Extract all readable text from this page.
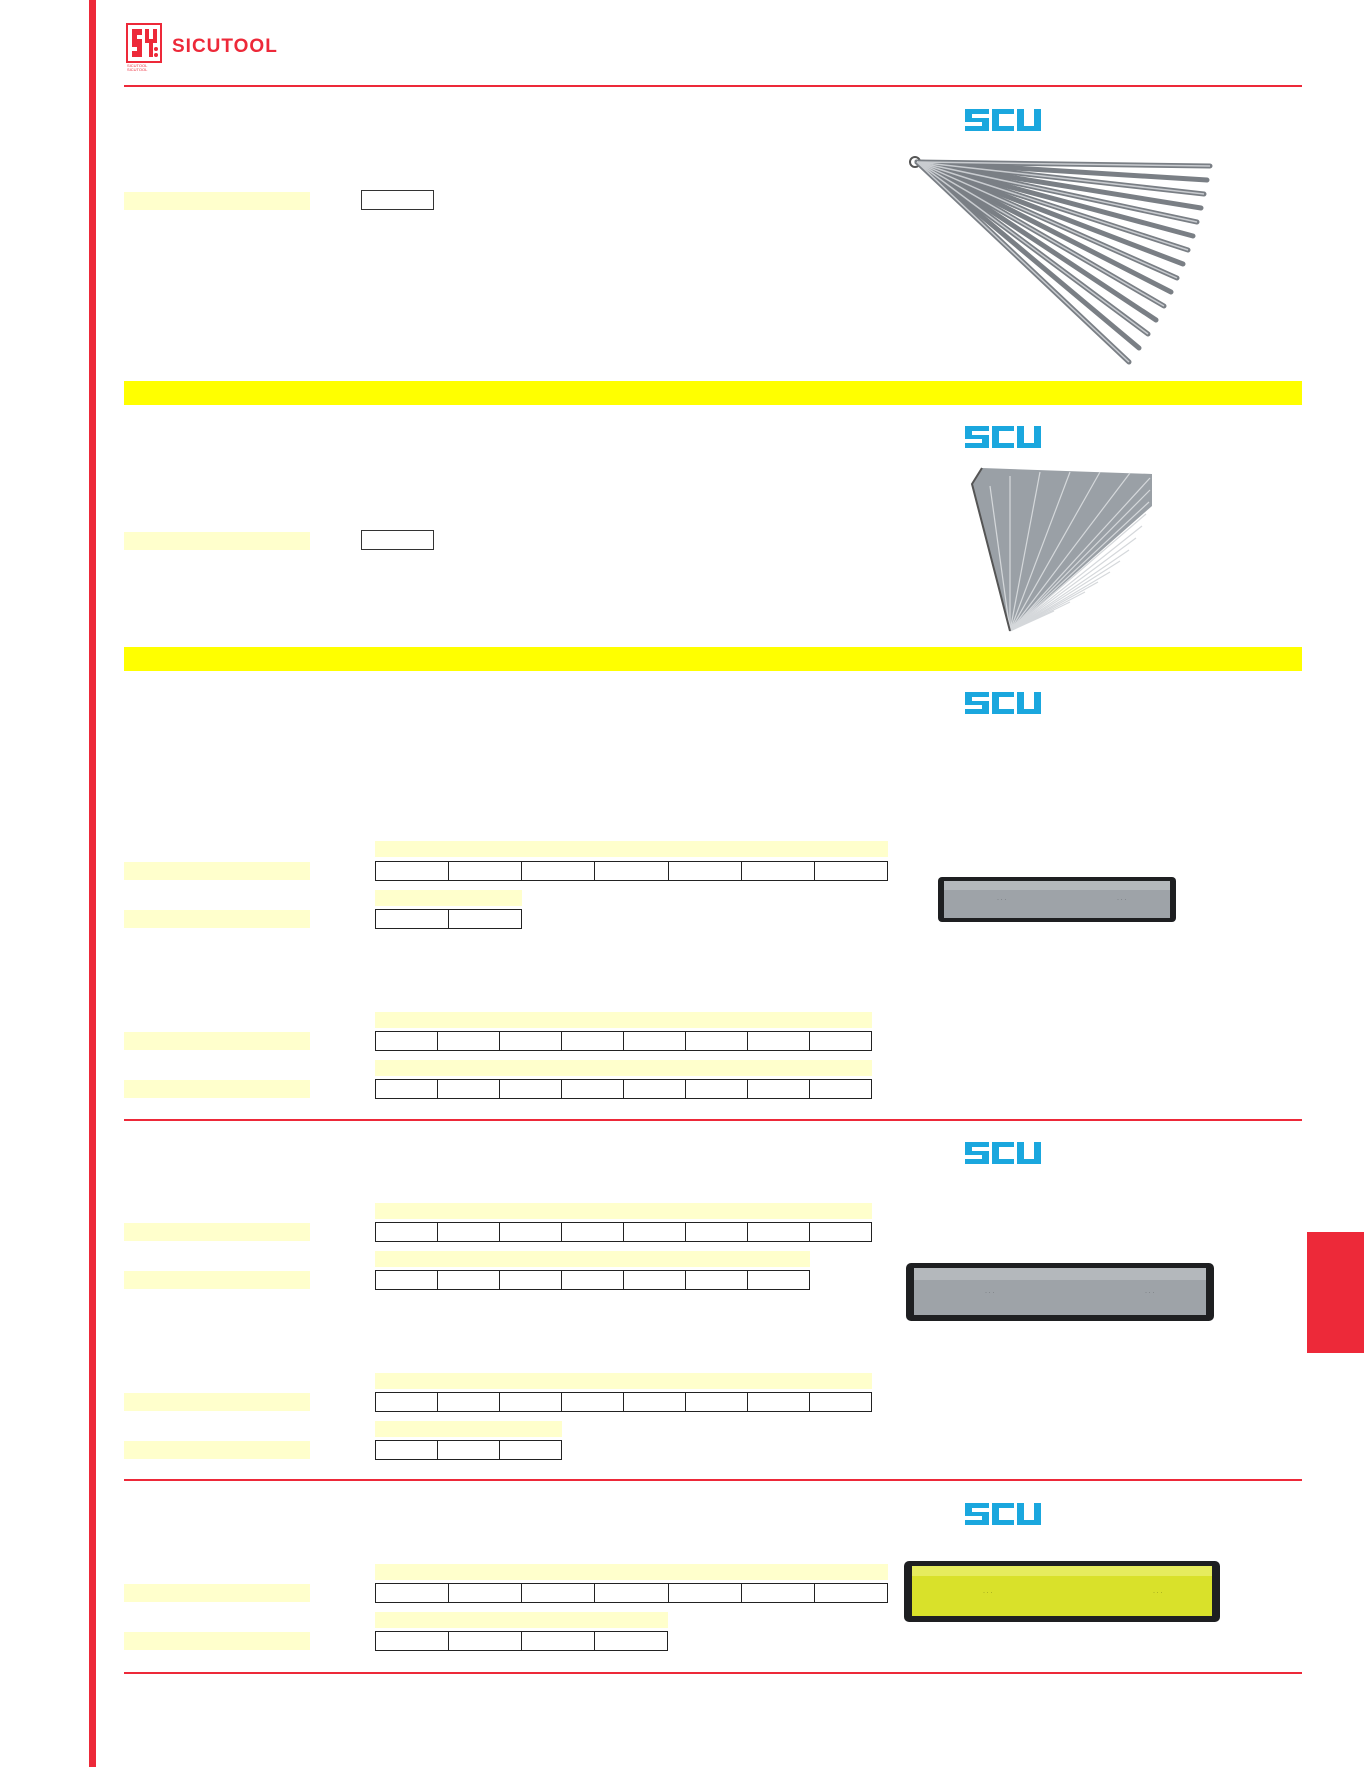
SICUTOOL
SICUTOOL
SICUTOOL
· · ·	· · ·
· · ·	· · ·
· · ·	· · ·
